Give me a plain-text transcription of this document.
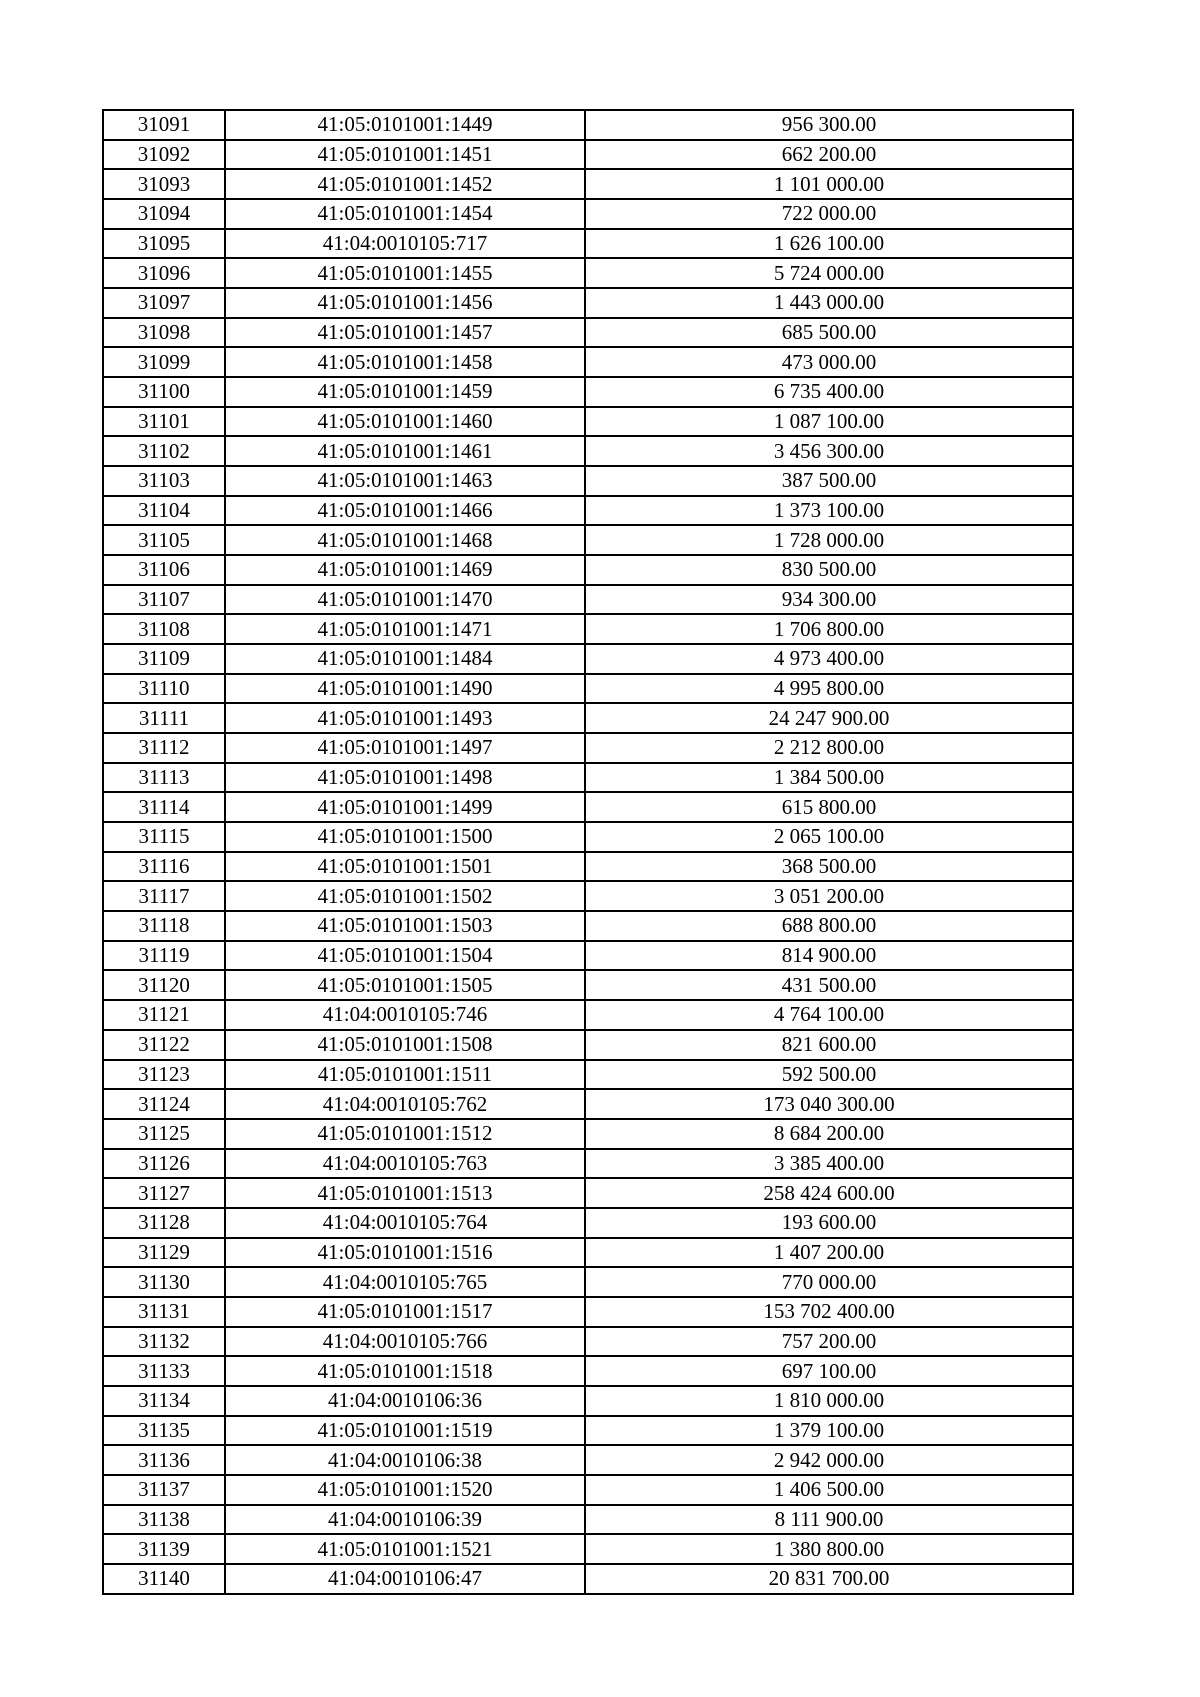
31091	41:05:0101001:1449	956 300.00
31092	41:05:0101001:1451	662 200.00
31093	41:05:0101001:1452	1 101 000.00
31094	41:05:0101001:1454	722 000.00
31095	41:04:0010105:717	1 626 100.00
31096	41:05:0101001:1455	5 724 000.00
31097	41:05:0101001:1456	1 443 000.00
31098	41:05:0101001:1457	685 500.00
31099	41:05:0101001:1458	473 000.00
31100	41:05:0101001:1459	6 735 400.00
31101	41:05:0101001:1460	1 087 100.00
31102	41:05:0101001:1461	3 456 300.00
31103	41:05:0101001:1463	387 500.00
31104	41:05:0101001:1466	1 373 100.00
31105	41:05:0101001:1468	1 728 000.00
31106	41:05:0101001:1469	830 500.00
31107	41:05:0101001:1470	934 300.00
31108	41:05:0101001:1471	1 706 800.00
31109	41:05:0101001:1484	4 973 400.00
31110	41:05:0101001:1490	4 995 800.00
31111	41:05:0101001:1493	24 247 900.00
31112	41:05:0101001:1497	2 212 800.00
31113	41:05:0101001:1498	1 384 500.00
31114	41:05:0101001:1499	615 800.00
31115	41:05:0101001:1500	2 065 100.00
31116	41:05:0101001:1501	368 500.00
31117	41:05:0101001:1502	3 051 200.00
31118	41:05:0101001:1503	688 800.00
31119	41:05:0101001:1504	814 900.00
31120	41:05:0101001:1505	431 500.00
31121	41:04:0010105:746	4 764 100.00
31122	41:05:0101001:1508	821 600.00
31123	41:05:0101001:1511	592 500.00
31124	41:04:0010105:762	173 040 300.00
31125	41:05:0101001:1512	8 684 200.00
31126	41:04:0010105:763	3 385 400.00
31127	41:05:0101001:1513	258 424 600.00
31128	41:04:0010105:764	193 600.00
31129	41:05:0101001:1516	1 407 200.00
31130	41:04:0010105:765	770 000.00
31131	41:05:0101001:1517	153 702 400.00
31132	41:04:0010105:766	757 200.00
31133	41:05:0101001:1518	697 100.00
31134	41:04:0010106:36	1 810 000.00
31135	41:05:0101001:1519	1 379 100.00
31136	41:04:0010106:38	2 942 000.00
31137	41:05:0101001:1520	1 406 500.00
31138	41:04:0010106:39	8 111 900.00
31139	41:05:0101001:1521	1 380 800.00
31140	41:04:0010106:47	20 831 700.00
